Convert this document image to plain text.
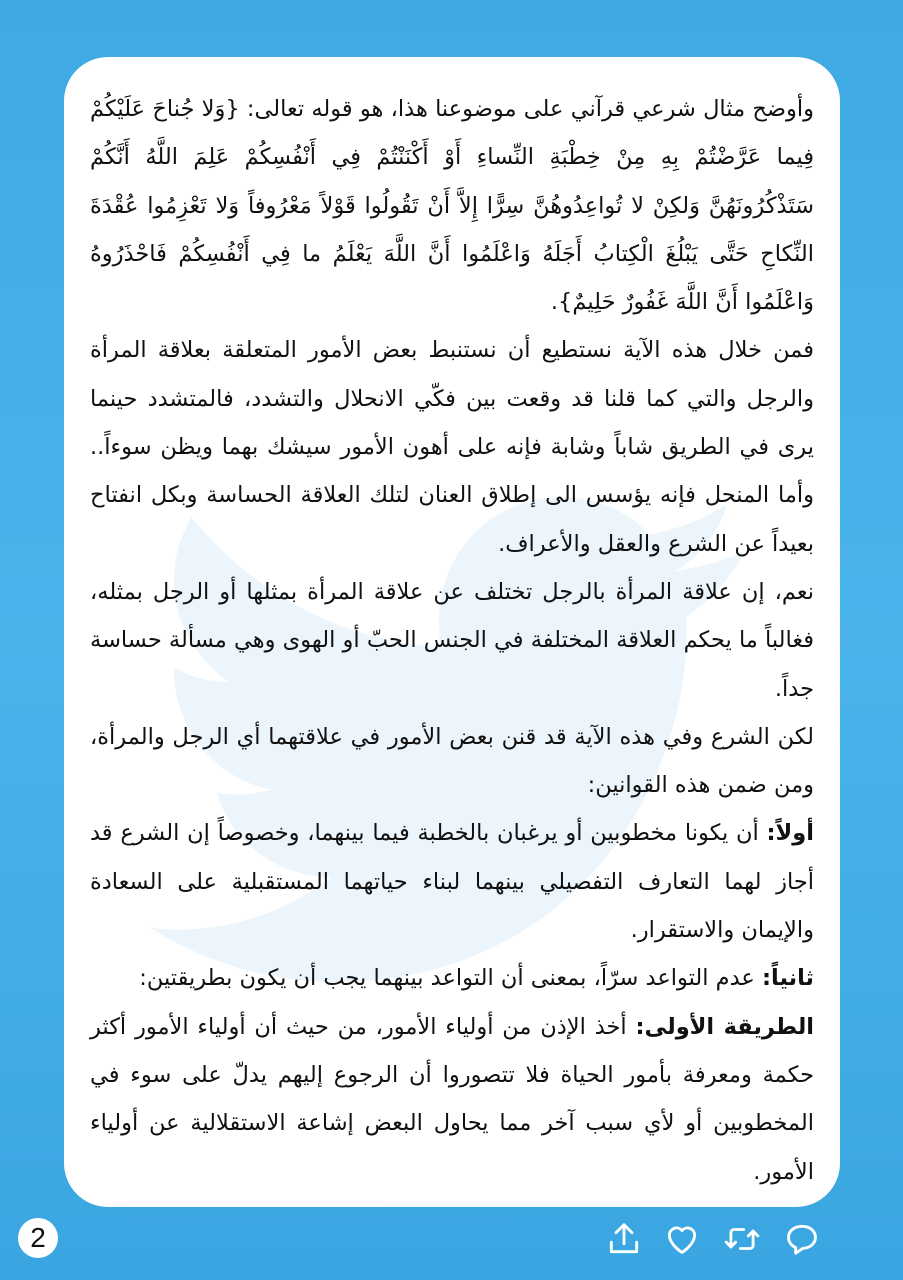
وأوضح مثال شرعي قرآني على موضوعنا هذا، هو قوله تعالى: {وَلا جُناحَ عَلَيْكُمْ فِيما عَرَّضْتُمْ بِهِ مِنْ خِطْبَةِ النِّساءِ أَوْ أَكْنَنْتُمْ فِي أَنْفُسِكُمْ عَلِمَ اللَّهُ أَنَّكُمْ سَتَذْكُرُونَهُنَّ وَلكِنْ لا تُواعِدُوهُنَّ سِرًّا إِلاَّ أَنْ تَقُولُوا قَوْلاً مَعْرُوفاً وَلا تَعْزِمُوا عُقْدَةَ النِّكاحِ حَتَّى يَبْلُغَ الْكِتابُ أَجَلَهُ وَاعْلَمُوا أَنَّ اللَّهَ يَعْلَمُ ما فِي أَنْفُسِكُمْ فَاحْذَرُوهُ وَاعْلَمُوا أَنَّ اللَّهَ غَفُورٌ حَلِيمٌ}.

فمن خلال هذه الآية نستطيع أن نستنبط بعض الأمور المتعلقة بعلاقة المرأة والرجل والتي كما قلنا قد وقعت بين فكّي الانحلال والتشدد، فالمتشدد حينما يرى في الطريق شاباً وشابة فإنه على أهون الأمور سيشك بهما ويظن سوءاً.. وأما المنحل فإنه يؤسس الى إطلاق العنان لتلك العلاقة الحساسة وبكل انفتاح بعيداً عن الشرع والعقل والأعراف.

نعم، إن علاقة المرأة بالرجل تختلف عن علاقة المرأة بمثلها أو الرجل بمثله، فغالباً ما يحكم العلاقة المختلفة في الجنس الحبّ أو الهوى وهي مسألة حساسة جداً.

لكن الشرع وفي هذه الآية قد قنن بعض الأمور في علاقتهما أي الرجل والمرأة، ومن ضمن هذه القوانين:

أولاً: أن يكونا مخطوبين أو يرغبان بالخطبة فيما بينهما، وخصوصاً إن الشرع قد أجاز لهما التعارف التفصيلي بينهما لبناء حياتهما المستقبلية على السعادة والإيمان والاستقرار.

ثانياً: عدم التواعد سرّاً، بمعنى أن التواعد بينهما يجب أن يكون بطريقتين:

الطريقة الأولى: أخذ الإذن من أولياء الأمور، من حيث أن أولياء الأمور أكثر حكمة ومعرفة بأمور الحياة فلا تتصوروا أن الرجوع إليهم يدلّ على سوء في المخطوبين أو لأي سبب آخر مما يحاول البعض إشاعة الاستقلالية عن أولياء الأمور.

2
